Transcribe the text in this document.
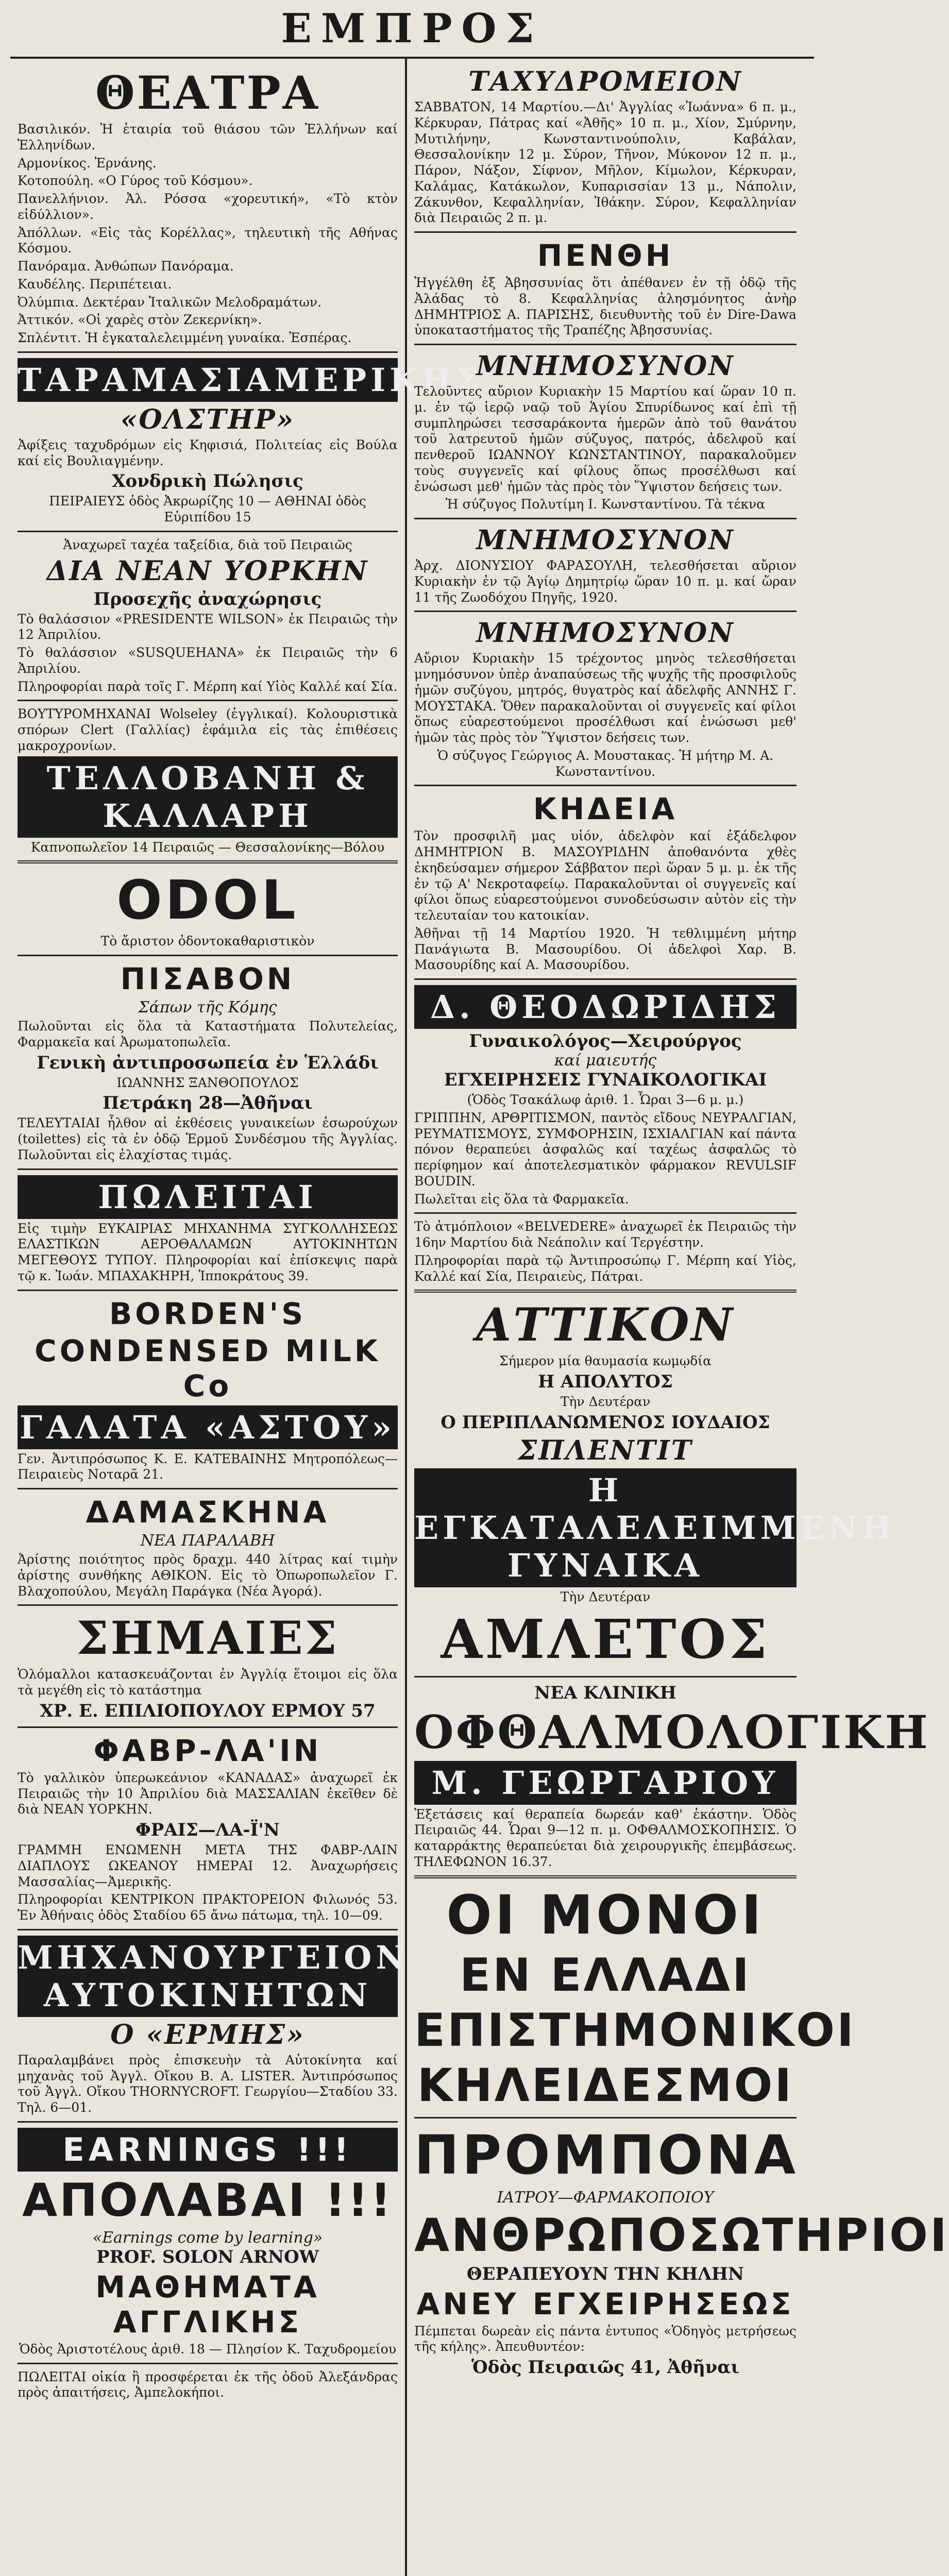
ΕΜΠΡΟΣ
ΘΕΑΤΡΑ
Βασιλικόν. Ἡ ἑταιρία τοῦ θιάσου τῶν Ἑλλήνων καί Ἑλληνίδων.
Αρμονίκος. Ἐρνάνης.
Κοτοπούλη. «Ο Γύρος τοῦ Κόσμου».
Πανελλήνιον. Ἀλ. Ρόσσα «χορευτική», «Τὸ κτὸν εἰδύλλιον».
Ἀπόλλων. «Εἰς τὰς Κορέλλας», τηλευτικὴ τῆς Αθήνας Κόσμου.
Πανόραμα. Ἀνθώπων Πανόραμα.
Καυδέλης. Περιπέτειαι.
Ὀλύμπια. Δεκτέραν Ἰταλικῶν Μελοδραμάτων.
Ἀττικόν. «Οἱ χαρὲς στὸν Ζεκερνίκη».
Σπλέντιτ. Ἡ ἐγκαταλελειμμένη γυναίκα. Ἐσπέρας.
ΤΑΡΑΜΑΣΙΑΜΕΡΙΚΗΣ
«ΟΛΣΤΗΡ»
Ἀφίξεις ταχυδρόμων εἰς Κηφισιά, Πολιτείας εἰς Βούλα καί εἰς Βουλιαγμένην.
Χονδρικὴ Πώλησις
ΠΕΙΡΑΙΕΥΣ ὁδὸς Ἀκρωρίζης 10 — ΑΘΗΝΑΙ ὁδὸς Εὐριπίδου 15
Ἀναχωρεῖ ταχέα ταξείδια, διὰ τοῦ Πειραιῶς
ΔΙΑ ΝΕΑΝ ΥΟΡΚΗΝ
Προσεχῆς ἀναχώρησις
Τὸ θαλάσσιον «PRESIDENTE WILSON» ἐκ Πειραιῶς τὴν 12 Ἀπριλίου.
Τὸ θαλάσσιον «SUSQUEHANA» ἐκ Πειραιῶς τὴν 6 Ἀπριλίου.
Πληροφορίαι παρὰ τοῖς Γ. Μέρπη καί Υἱὸς Καλλέ καί Σία.
ΒΟΥΤΥΡΟΜΗΧΑΝΑΙ Wolseley (ἐγγλικαί). Κολουριστικὰ σπόρων Clert (Γαλλίας) ἐφάμιλα εἰς τὰς ἐπιθέσεις μακροχρονίων.
ΤΕΛΛΟΒΑΝΗ & ΚΑΛΛΑΡΗ
Καπνοπωλεῖον 14 Πειραιῶς — Θεσσαλονίκης—Βόλου
ODOL
Τὸ ἄριστον ὀδοντοκαθαριστικὸν
ΠΙΣΑΒΟΝ
Σάπων τῆς Κόμης
Πωλοῦνται εἰς ὅλα τὰ Καταστήματα Πολυτελείας, Φαρμακεῖα καί Ἀρωματοπωλεῖα.
Γενικὴ ἀντιπροσωπεία ἐν Ἑλλάδι
ΙΩΑΝΝΗΣ ΞΑΝΘΟΠΟΥΛΟΣ
Πετράκη 28—Ἀθῆναι
ΤΕΛΕΥΤΑΙΑΙ ἦλθον αἱ ἐκθέσεις γυναικείων ἐσωρούχων (toilettes) εἰς τὰ ἐν ὁδῷ Ἑρμοῦ Συνδέσμου τῆς Ἀγγλίας. Πωλοῦνται εἰς ἐλαχίστας τιμάς.
ΠΩΛΕΙΤΑΙ
Εἰς τιμὴν ΕΥΚΑΙΡΙΑΣ ΜΗΧΑΝΗΜΑ ΣΥΓΚΟΛΛΗΣΕΩΣ ΕΛΑΣΤΙΚΩΝ ΑΕΡΟΘΑΛΑΜΩΝ ΑΥΤΟΚΙΝΗΤΩΝ ΜΕΓΕΘΟΥΣ ΤΥΠΟΥ. Πληροφορίαι καί ἐπίσκεψις παρὰ τῷ κ. Ἰωάν. ΜΠΑΧΑΚΗΡΗ, Ἱπποκράτους 39.
BORDEN'S
CONDENSED MILK Co
ΓΑΛΑΤΑ «ΑΣΤΟΥ»
Γεν. Ἀντιπρόσωπος Κ. Ε. ΚΑΤΕΒΑΙΝΗΣ Μητροπόλεως—Πειραιεὺς Νοταρᾶ 21.
ΔΑΜΑΣΚΗΝΑ
ΝΕΑ ΠΑΡΑΛΑΒΗ
Ἀρίστης ποιότητος πρὸς δραχμ. 440 λίτρας καί τιμὴν ἀρίστης συνθήκης ΑΘΙΚΟΝ. Εἰς τὸ Ὀπωροπωλεῖον Γ. Βλαχοπούλου, Μεγάλη Παράγκα (Νέα Ἀγορά).
ΣΗΜΑΙΕΣ
Ὁλόμαλλοι κατασκευάζονται ἐν Ἀγγλίᾳ ἕτοιμοι εἰς ὅλα τὰ μεγέθη εἰς τὸ κατάστημα
ΧΡ. Ε. ΕΠΙΛΙΟΠΟΥΛΟΥ ΕΡΜΟΥ 57
ΦΑΒΡ-ΛΑ'ΙΝ
Τὸ γαλλικὸν ὑπερωκεάνιον «ΚΑΝΑΔΑΣ» ἀναχωρεῖ ἐκ Πειραιῶς τὴν 10 Ἀπριλίου διὰ ΜΑΣΣΑΛΙΑΝ ἐκεῖθεν δὲ διὰ ΝΕΑΝ ΥΟΡΚΗΝ.
ΦΡΑΙΣ—ΛΑ-Ϊ'Ν
ΓΡΑΜΜΗ ΕΝΩΜΕΝΗ ΜΕΤΑ ΤΗΣ ΦΑΒΡ-ΛΑΙΝ ΔΙΑΠΛΟΥΣ ΩΚΕΑΝΟΥ ΗΜΕΡΑΙ 12. Ἀναχωρήσεις Μασσαλίας—Ἀμερικῆς.
Πληροφορίαι ΚΕΝΤΡΙΚΟΝ ΠΡΑΚΤΟΡΕΙΟΝ Φιλωνός 53. Ἐν Ἀθήναις ὁδὸς Σταδίου 65 ἄνω πάτωμα, τηλ. 10—09.
ΜΗΧΑΝΟΥΡΓΕΙΟΝ ΑΥΤΟΚΙΝΗΤΩΝ
Ο «ΕΡΜΗΣ»
Παραλαμβάνει πρὸς ἐπισκευὴν τὰ Αὐτοκίνητα καί μηχανὰς τοῦ Ἀγγλ. Οἴκου Β. Α. LISTER. Ἀντιπρόσωπος τοῦ Ἀγγλ. Οἴκου THORNYCROFT. Γεωργίου—Σταδίου 33. Τηλ. 6—01.
EARNINGS !!!
ΑΠΟΛΑΒΑΙ !!!
«Earnings come by learning»
PROF. SOLON ARNOW
ΜΑΘΗΜΑΤΑ ΑΓΓΛΙΚΗΣ
Ὁδὸς Ἀριστοτέλους ἀριθ. 18 — Πλησίον Κ. Ταχυδρομείου
ΠΩΛΕΙΤΑΙ οἰκία ἢ προσφέρεται ἐκ τῆς ὁδοῦ Ἀλεξάνδρας πρὸς ἀπαιτήσεις, Ἀμπελοκήποι.
ΤΑΧΥΔΡΟΜΕΙΟΝ
ΣΑΒΒΑΤΟΝ, 14 Μαρτίου.—Δι' Ἀγγλίας «Ἰωάννα» 6 π. μ., Κέρκυραν, Πάτρας καί «Ἀθῆς» 10 π. μ., Χίον, Σμύρνην, Μυτιλήνην, Κωνσταντινούπολιν, Καβάλαν, Θεσσαλονίκην 12 μ. Σύρον, Τῆνον, Μύκονον 12 π. μ., Πάρον, Νάξον, Σίφνον, Μῆλον, Κίμωλον, Κέρκυραν, Καλάμας, Κατάκωλον, Κυπαρισσίαν 13 μ., Νάπολιν, Ζάκυνθον, Κεφαλληνίαν, Ἰθάκην. Σύρον, Κεφαλληνίαν διὰ Πειραιῶς 2 π. μ.
ΠΕΝΘΗ
Ἠγγέλθη ἐξ Ἀβησσυνίας ὅτι ἀπέθανεν ἐν τῇ ὁδῷ τῆς Ἀλάδας τὸ 8. Κεφαλληνίας ἀλησμόνητος ἀνὴρ ΔΗΜΗΤΡΙΟΣ Α. ΠΑΡΙΣΗΣ, διευθυντὴς τοῦ ἐν Dire-Dawa ὑποκαταστήματος τῆς Τραπέζης Ἀβησσυνίας.
ΜΝΗΜΟΣΥΝΟΝ
Τελοῦντες αὔριον Κυριακὴν 15 Μαρτίου καί ὥραν 10 π. μ. ἐν τῷ ἱερῷ ναῷ τοῦ Ἁγίου Σπυρίδωνος καί ἐπὶ τῇ συμπληρώσει τεσσαράκοντα ἡμερῶν ἀπὸ τοῦ θανάτου τοῦ λατρευτοῦ ἡμῶν σύζυγος, πατρός, ἀδελφοῦ καί πενθεροῦ ΙΩΑΝΝΟΥ ΚΩΝΣΤΑΝΤΙΝΟΥ, παρακαλοῦμεν τοὺς συγγενεῖς καί φίλους ὅπως προσέλθωσι καί ἐνώσωσι μεθ' ἡμῶν τὰς πρὸς τὸν Ὕψιστον δεήσεις των.
Ἡ σύζυγος Πολυτίμη Ι. Κωνσταντίνου. Τὰ τέκνα
ΜΝΗΜΟΣΥΝΟΝ
Ἀρχ. ΔΙΟΝΥΣΙΟΥ ΦΑΡΑΣΟΥΛΗ, τελεσθήσεται αὔριον Κυριακὴν ἐν τῷ Ἁγίῳ Δημητρίῳ ὥραν 10 π. μ. καί ὥραν 11 τῆς Ζωοδόχου Πηγῆς, 1920.
ΜΝΗΜΟΣΥΝΟΝ
Αὔριον Κυριακὴν 15 τρέχοντος μηνὸς τελεσθήσεται μνημόσυνον ὑπὲρ ἀναπαύσεως τῆς ψυχῆς τῆς προσφιλοῦς ἡμῶν συζύγου, μητρός, θυγατρὸς καί ἀδελφῆς ΑΝΝΗΣ Γ. ΜΟΥΣΤΑΚΑ. Ὅθεν παρακαλοῦνται οἱ συγγενεῖς καί φίλοι ὅπως εὐαρεστούμενοι προσέλθωσι καί ἐνώσωσι μεθ' ἡμῶν τὰς πρὸς τὸν Ὕψιστον δεήσεις των.
Ὁ σύζυγος Γεώργιος Α. Μουστακας. Ἡ μήτηρ Μ. Α. Κωνσταντίνου.
ΚΗΔΕΙΑ
Τὸν προσφιλῆ μας υἱόν, ἀδελφὸν καί ἐξάδελφον ΔΗΜΗΤΡΙΟΝ Β. ΜΑΣΟΥΡΙΔΗΝ ἀποθανόντα χθὲς ἐκηδεύσαμεν σήμερον Σάββατον περὶ ὥραν 5 μ. μ. ἐκ τῆς ἐν τῷ Α' Νεκροταφείῳ. Παρακαλοῦνται οἱ συγγενεῖς καί φίλοι ὅπως εὐαρεστούμενοι συνοδεύσωσιν αὐτὸν εἰς τὴν τελευταίαν του κατοικίαν.
Ἀθῆναι τῇ 14 Μαρτίου 1920. Ἡ τεθλιμμένη μήτηρ Πανάγιωτα Β. Μασουρίδου. Οἱ ἀδελφοὶ Χαρ. Β. Μασουρίδης καί Α. Μασουρίδου.
Δ. ΘΕΟΔΩΡΙΔΗΣ
Γυναικολόγος—Χειρούργος
καί μαιευτής
ΕΓΧΕΙΡΗΣΕΙΣ ΓΥΝΑΙΚΟΛΟΓΙΚΑΙ
(Ὁδὸς Τσακάλωφ ἀριθ. 1. Ὧραι 3—6 μ. μ.)
ΓΡΙΠΠΗΝ, ΑΡΘΡΙΤΙΣΜΟΝ, παντὸς εἴδους ΝΕΥΡΑΛΓΙΑΝ, ΡΕΥΜΑΤΙΣΜΟΥΣ, ΣΥΜΦΟΡΗΣΙΝ, ΙΣΧΙΑΛΓΙΑΝ καί πάντα πόνον θεραπεύει ἀσφαλῶς καί ταχέως ἀσφαλῶς τὸ περίφημον καί ἀποτελεσματικὸν φάρμακον REVULSIF BOUDIN.
Πωλεῖται εἰς ὅλα τὰ Φαρμακεῖα.
Τὸ ἀτμόπλοιον «BELVEDERE» ἀναχωρεῖ ἐκ Πειραιῶς τὴν 16ην Μαρτίου διὰ Νεάπολιν καί Τεργέστην.
Πληροφορίαι παρὰ τῷ Ἀντιπροσώπῳ Γ. Μέρπη καί Υἱὸς, Καλλέ καί Σία, Πειραιεὺς, Πάτραι.
ΑΤΤΙΚΟΝ
Σήμερον μία θαυμασία κωμῳδία
Η ΑΠΟΛΥΤΟΣ
Τὴν Δευτέραν
Ο ΠΕΡΙΠΛΑΝΩΜΕΝΟΣ ΙΟΥΔΑΙΟΣ
ΣΠΛΕΝΤΙΤ
Η ΕΓΚΑΤΑΛΕΛΕΙΜΜΕΝΗ ΓΥΝΑΙΚΑ
Τὴν Δευτέραν
ΑΜΛΕΤΟΣ
ΝΕΑ ΚΛΙΝΙΚΗ
ΟΦΘΑΛΜΟΛΟΓΙΚΗ
Μ. ΓΕΩΡΓΑΡΙΟΥ
Ἐξετάσεις καί θεραπεία δωρεάν καθ' ἑκάστην. Ὁδὸς Πειραιῶς 44. Ὧραι 9—12 π. μ. ΟΦΘΑΛΜΟΣΚΟΠΗΣΙΣ. Ὁ καταρράκτης θεραπεύεται διὰ χειρουργικῆς ἐπεμβάσεως. ΤΗΛΕΦΩΝΟΝ 16.37.
ΟΙ ΜΟΝΟΙ
ΕΝ ΕΛΛΑΔΙ
ΕΠΙΣΤΗΜΟΝΙΚΟΙ
ΚΗΛΕΙΔΕΣΜΟΙ
ΠΡΟΜΠΟΝΑ
ΙΑΤΡΟΥ—ΦΑΡΜΑΚΟΠΟΙΟΥ
ΑΝΘΡΩΠΟΣΩΤΗΡΙΟΙ
ΘΕΡΑΠΕΥΟΥΝ ΤΗΝ ΚΗΛΗΝ
ΑΝΕΥ ΕΓΧΕΙΡΗΣΕΩΣ
Πέμπεται δωρεὰν εἰς πάντα ἐντυπος «Ὁδηγὸς μετρήσεως τῆς κήλης». Ἀπευθυντέον:
Ὁδὸς Πειραιῶς 41, Ἀθῆναι
